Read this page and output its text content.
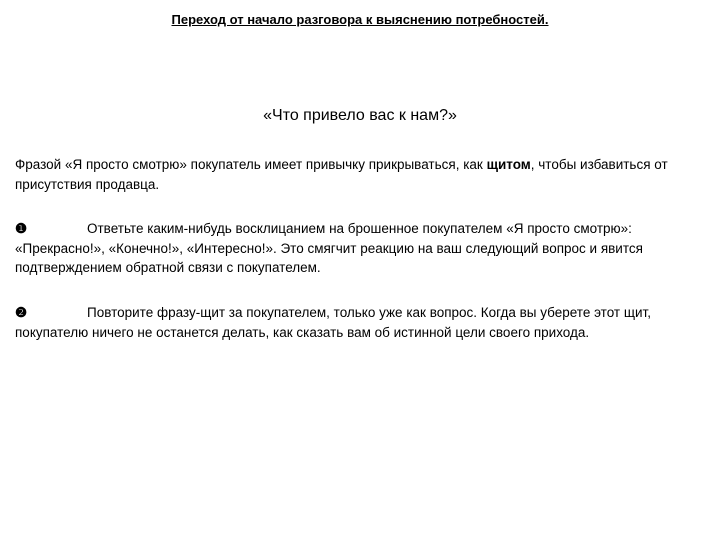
Переход от начало разговора к выяснению потребностей.
«Что привело вас к нам?»
Фразой «Я просто смотрю» покупатель имеет привычку прикрываться, как щитом, чтобы избавиться от присутствия продавца.
❶	Ответьте каким-нибудь восклицанием на брошенное покупателем «Я просто смотрю»: «Прекрасно!», «Конечно!», «Интересно!». Это смягчит реакцию на ваш следующий вопрос и явится подтверждением обратной связи с покупателем.
❷	Повторите фразу-щит за покупателем, только уже как вопрос. Когда вы уберете этот щит, покупателю ничего не останется делать, как сказать вам об истинной цели своего прихода.
